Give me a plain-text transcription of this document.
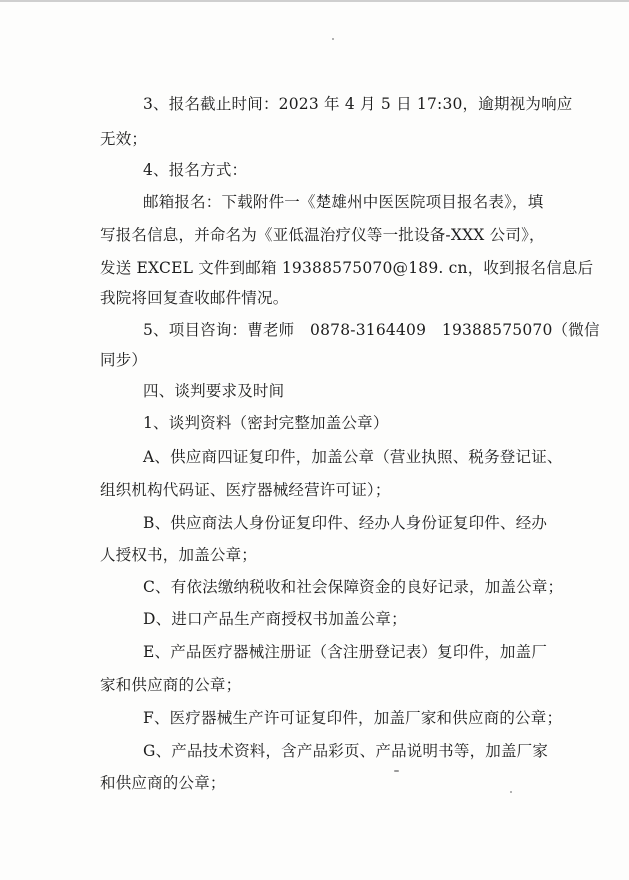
3、报名截止时间：2023 年 4 月 5 日 17:30，逾期视为响应
无效；
4、报名方式：
邮箱报名：下载附件一《楚雄州中医医院项目报名表》，填
写报名信息，并命名为《亚低温治疗仪等一批设备-XXX 公司》，
发送 EXCEL 文件到邮箱 19388575070@189. cn，收到报名信息后
我院将回复查收邮件情况。
5、项目咨询：曹老师　0878-3164409　19388575070（微信
同步）
四、谈判要求及时间
1、谈判资料（密封完整加盖公章）
A、供应商四证复印件，加盖公章（营业执照、税务登记证、
组织机构代码证、医疗器械经营许可证）；
B、供应商法人身份证复印件、经办人身份证复印件、经办
人授权书，加盖公章；
C、有依法缴纳税收和社会保障资金的良好记录，加盖公章；
D、进口产品生产商授权书加盖公章；
E、产品医疗器械注册证（含注册登记表）复印件，加盖厂
家和供应商的公章；
F、医疗器械生产许可证复印件，加盖厂家和供应商的公章；
G、产品技术资料，含产品彩页、产品说明书等，加盖厂家
和供应商的公章；
